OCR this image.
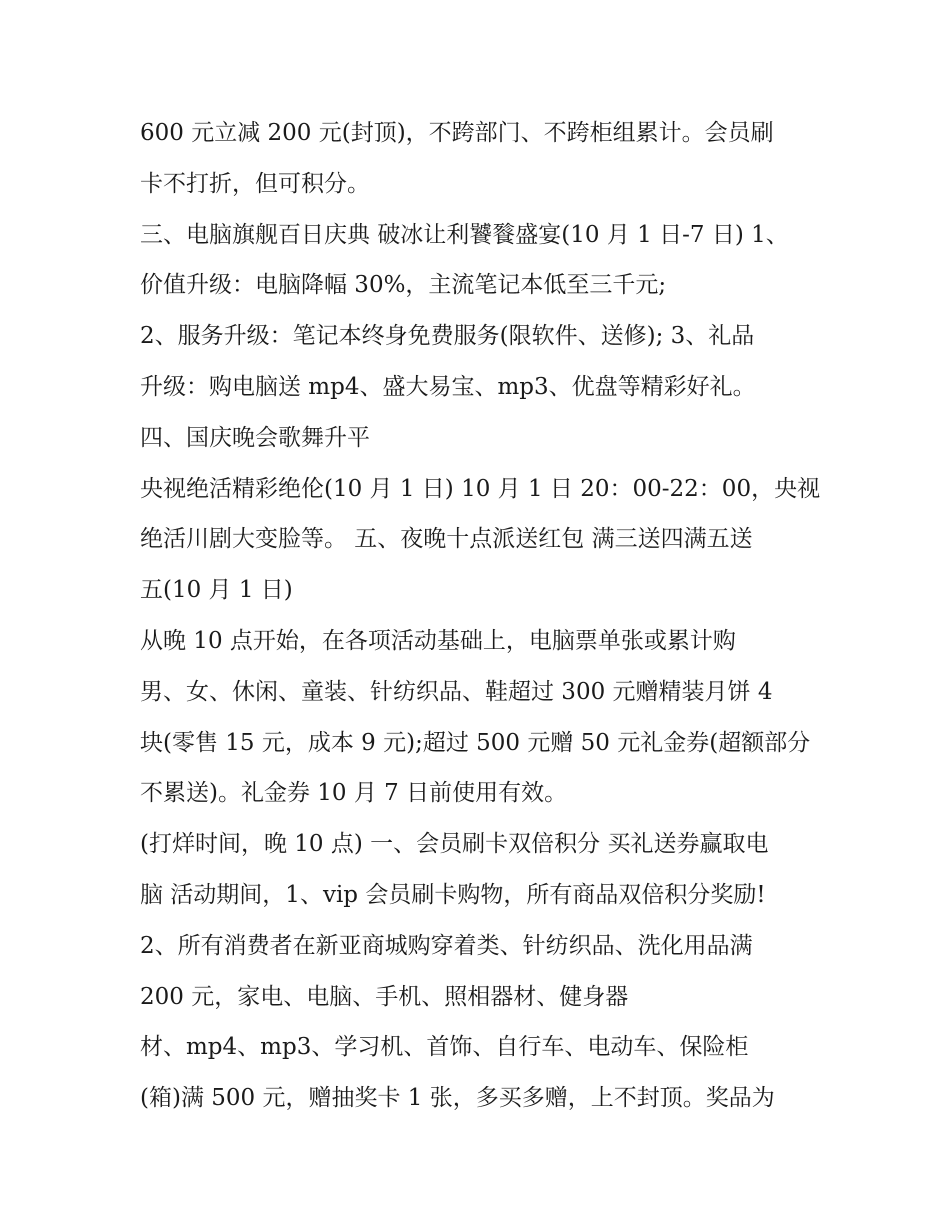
600 元立减 200 元(封顶)，不跨部门、不跨柜组累计。会员刷
卡不打折，但可积分。
三、电脑旗舰百日庆典 破冰让利饕餮盛宴(10 月 1 日-7 日) 1、
价值升级：电脑降幅 30%，主流笔记本低至三千元;
2、服务升级：笔记本终身免费服务(限软件、送修); 3、礼品
升级：购电脑送 mp4、盛大易宝、mp3、优盘等精彩好礼。
四、国庆晚会歌舞升平
央视绝活精彩绝伦(10 月 1 日) 10 月 1 日 20：00-22：00，央视
绝活川剧大变脸等。 五、夜晚十点派送红包 满三送四满五送
五(10 月 1 日)
从晚 10 点开始，在各项活动基础上，电脑票单张或累计购
男、女、休闲、童装、针纺织品、鞋超过 300 元赠精装月饼 4
块(零售 15 元，成本 9 元);超过 500 元赠 50 元礼金券(超额部分
不累送)。礼金券 10 月 7 日前使用有效。
(打烊时间，晚 10 点) 一、会员刷卡双倍积分 买礼送券赢取电
脑 活动期间，1、vip 会员刷卡购物，所有商品双倍积分奖励!
2、所有消费者在新亚商城购穿着类、针纺织品、洗化用品满
200 元，家电、电脑、手机、照相器材、健身器
材、mp4、mp3、学习机、首饰、自行车、电动车、保险柜
(箱)满 500 元，赠抽奖卡 1 张，多买多赠，上不封顶。奖品为
